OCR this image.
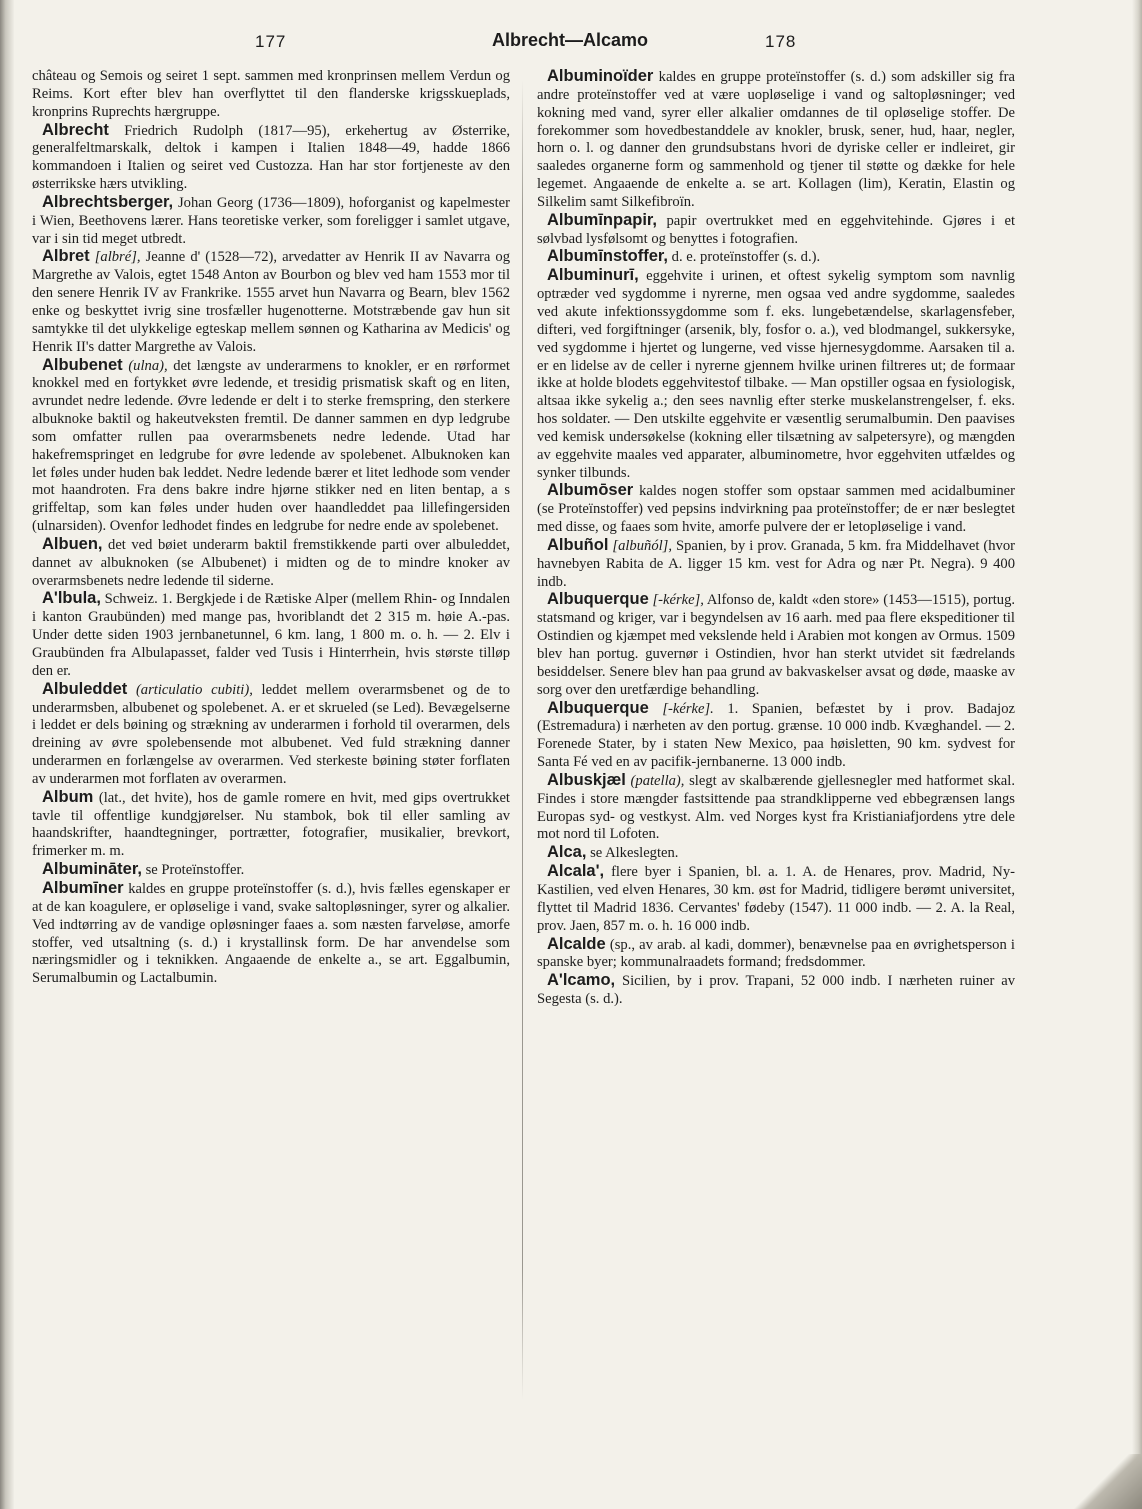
177	Albrecht—Alcamo	178

château og Semois og seiret 1 sept. sammen med kronprinsen mellem Verdun og Reims. Kort efter blev han overflyttet til den flanderske krigsskueplads, kronprins Ruprechts hærgruppe.

Albrecht Friedrich Rudolph (1817—95), erkehertug av Østerrike, generalfeltmarskalk, deltok i kampen i Italien 1848—49, hadde 1866 kommandoen i Italien og seiret ved Custozza. Han har stor fortjeneste av den østerrikske hærs utvikling.

Albrechtsberger, Johan Georg (1736—1809), hoforganist og kapelmester i Wien, Beethovens lærer. Hans teoretiske verker, som foreligger i samlet utgave, var i sin tid meget utbredt.

Albret [albré], Jeanne d' (1528—72), arvedatter av Henrik II av Navarra og Margrethe av Valois, egtet 1548 Anton av Bourbon og blev ved ham 1553 mor til den senere Henrik IV av Frankrike. 1555 arvet hun Navarra og Bearn, blev 1562 enke og beskyttet ivrig sine trosfæller hugenotterne. Motstræbende gav hun sit samtykke til det ulykkelige egteskap mellem sønnen og Katharina av Medicis' og Henrik II's datter Margrethe av Valois.

Albubenet (ulna), det længste av underarmens to knokler, er en rørformet knokkel med en fortykket øvre ledende, et tresidig prismatisk skaft og en liten, avrundet nedre ledende. Øvre ledende er delt i to sterke fremspring, den sterkere albuknoke baktil og hakeutveksten fremtil. De danner sammen en dyp ledgrube som omfatter rullen paa overarmsbenets nedre ledende. Utad har hakefremspringet en ledgrube for øvre ledende av spolebenet. Albuknoken kan let føles under huden bak leddet. Nedre ledende bærer et litet ledhode som vender mot haandroten. Fra dens bakre indre hjørne stikker ned en liten bentap, a s griffeltap, som kan føles under huden over haandleddet paa lillefingersiden (ulnarsiden). Ovenfor ledhodet findes en ledgrube for nedre ende av spolebenet.

Albuen, det ved bøiet underarm baktil fremstikkende parti over albuleddet, dannet av albuknoken (se Albubenet) i midten og de to mindre knoker av overarmsbenets nedre ledende til siderne.

A'lbula, Schweiz. 1. Bergkjede i de Rætiske Alper (mellem Rhin- og Inndalen i kanton Graubünden) med mange pas, hvoriblandt det 2 315 m. høie A.-pas. Under dette siden 1903 jernbanetunnel, 6 km. lang, 1 800 m. o. h. — 2. Elv i Graubünden fra Albulapasset, falder ved Tusis i Hinterrhein, hvis største tilløp den er.

Albuleddet (articulatio cubiti), leddet mellem overarmsbenet og de to underarmsben, albubenet og spolebenet. A. er et skrueled (se Led). Bevægelserne i leddet er dels bøining og strækning av underarmen i forhold til overarmen, dels dreining av øvre spolebensende mot albubenet. Ved fuld strækning danner underarmen en forlængelse av overarmen. Ved sterkeste bøining støter forflaten av underarmen mot forflaten av overarmen.

Album (lat., det hvite), hos de gamle romere en hvit, med gips overtrukket tavle til offentlige kundgjørelser. Nu stambok, bok til eller samling av haandskrifter, haandtegninger, portrætter, fotografier, musikalier, brevkort, frimerker m. m.

Albumināter, se Proteïnstoffer.

Albumīner kaldes en gruppe proteïnstoffer (s. d.), hvis fælles egenskaper er at de kan koagulere, er opløselige i vand, svake saltopløsninger, syrer og alkalier. Ved indtørring av de vandige opløsninger faaes a. som næsten farveløse, amorfe stoffer, ved utsaltning (s. d.) i krystallinsk form. De har anvendelse som næringsmidler og i teknikken. Angaaende de enkelte a., se art. Eggalbumin, Serumalbumin og Lactalbumin.

Albuminoïder kaldes en gruppe proteïnstoffer (s. d.) som adskiller sig fra andre proteïnstoffer ved at være uopløselige i vand og saltopløsninger; ved kokning med vand, syrer eller alkalier omdannes de til opløselige stoffer. De forekommer som hovedbestanddele av knokler, brusk, sener, hud, haar, negler, horn o. l. og danner den grundsubstans hvori de dyriske celler er indleiret, gir saaledes organerne form og sammenhold og tjener til støtte og dække for hele legemet. Angaaende de enkelte a. se art. Kollagen (lim), Keratin, Elastin og Silkelim samt Silkefibroïn.

Albumīnpapir, papir overtrukket med en eggehvitehinde. Gjøres i et sølvbad lysfølsomt og benyttes i fotografien.

Albumīnstoffer, d. e. proteïnstoffer (s. d.).

Albuminurī, eggehvite i urinen, et oftest sykelig symptom som navnlig optræder ved sygdomme i nyrerne, men ogsaa ved andre sygdomme, saaledes ved akute infektionssygdomme som f. eks. lungebetændelse, skarlagensfeber, difteri, ved forgiftninger (arsenik, bly, fosfor o. a.), ved blodmangel, sukkersyke, ved sygdomme i hjertet og lungerne, ved visse hjernesygdomme. Aarsaken til a. er en lidelse av de celler i nyrerne gjennem hvilke urinen filtreres ut; de formaar ikke at holde blodets eggehvitestof tilbake. — Man opstiller ogsaa en fysiologisk, altsaa ikke sykelig a.; den sees navnlig efter sterke muskelanstrengelser, f. eks. hos soldater. — Den utskilte eggehvite er væsentlig serumalbumin. Den paavises ved kemisk undersøkelse (kokning eller tilsætning av salpetersyre), og mængden av eggehvite maales ved apparater, albuminometre, hvor eggehviten utfældes og synker tilbunds.

Albumōser kaldes nogen stoffer som opstaar sammen med acidalbuminer (se Proteïnstoffer) ved pepsins indvirkning paa proteïnstoffer; de er nær beslegtet med disse, og faaes som hvite, amorfe pulvere der er letopløselige i vand.

Albuñol [albuñól], Spanien, by i prov. Granada, 5 km. fra Middelhavet (hvor havnebyen Rabita de A. ligger 15 km. vest for Adra og nær Pt. Negra). 9 400 indb.

Albuquerque [-kérke], Alfonso de, kaldt «den store» (1453—1515), portug. statsmand og kriger, var i begyndelsen av 16 aarh. med paa flere ekspeditioner til Ostindien og kjæmpet med vekslende held i Arabien mot kongen av Ormus. 1509 blev han portug. guvernør i Ostindien, hvor han sterkt utvidet sit fædrelands besiddelser. Senere blev han paa grund av bakvaskelser avsat og døde, maaske av sorg over den uretfærdige behandling.

Albuquerque [-kérke]. 1. Spanien, befæstet by i prov. Badajoz (Estremadura) i nærheten av den portug. grænse. 10 000 indb. Kvæghandel. — 2. Forenede Stater, by i staten New Mexico, paa høisletten, 90 km. sydvest for Santa Fé ved en av pacifik-jernbanerne. 13 000 indb.

Albuskjæl (patella), slegt av skalbærende gjellesnegler med hatformet skal. Findes i store mængder fastsittende paa strandklipperne ved ebbegrænsen langs Europas syd- og vestkyst. Alm. ved Norges kyst fra Kristianiafjordens ytre dele mot nord til Lofoten.

Alca, se Alkeslegten.

Alcala', flere byer i Spanien, bl. a. 1. A. de Henares, prov. Madrid, Ny-Kastilien, ved elven Henares, 30 km. øst for Madrid, tidligere berømt universitet, flyttet til Madrid 1836. Cervantes' fødeby (1547). 11 000 indb. — 2. A. la Real, prov. Jaen, 857 m. o. h. 16 000 indb.

Alcalde (sp., av arab. al kadi, dommer), benævnelse paa en øvrighetsperson i spanske byer; kommunalraadets formand; fredsdommer.

A'lcamo, Sicilien, by i prov. Trapani, 52 000 indb. I nærheten ruiner av Segesta (s. d.).
